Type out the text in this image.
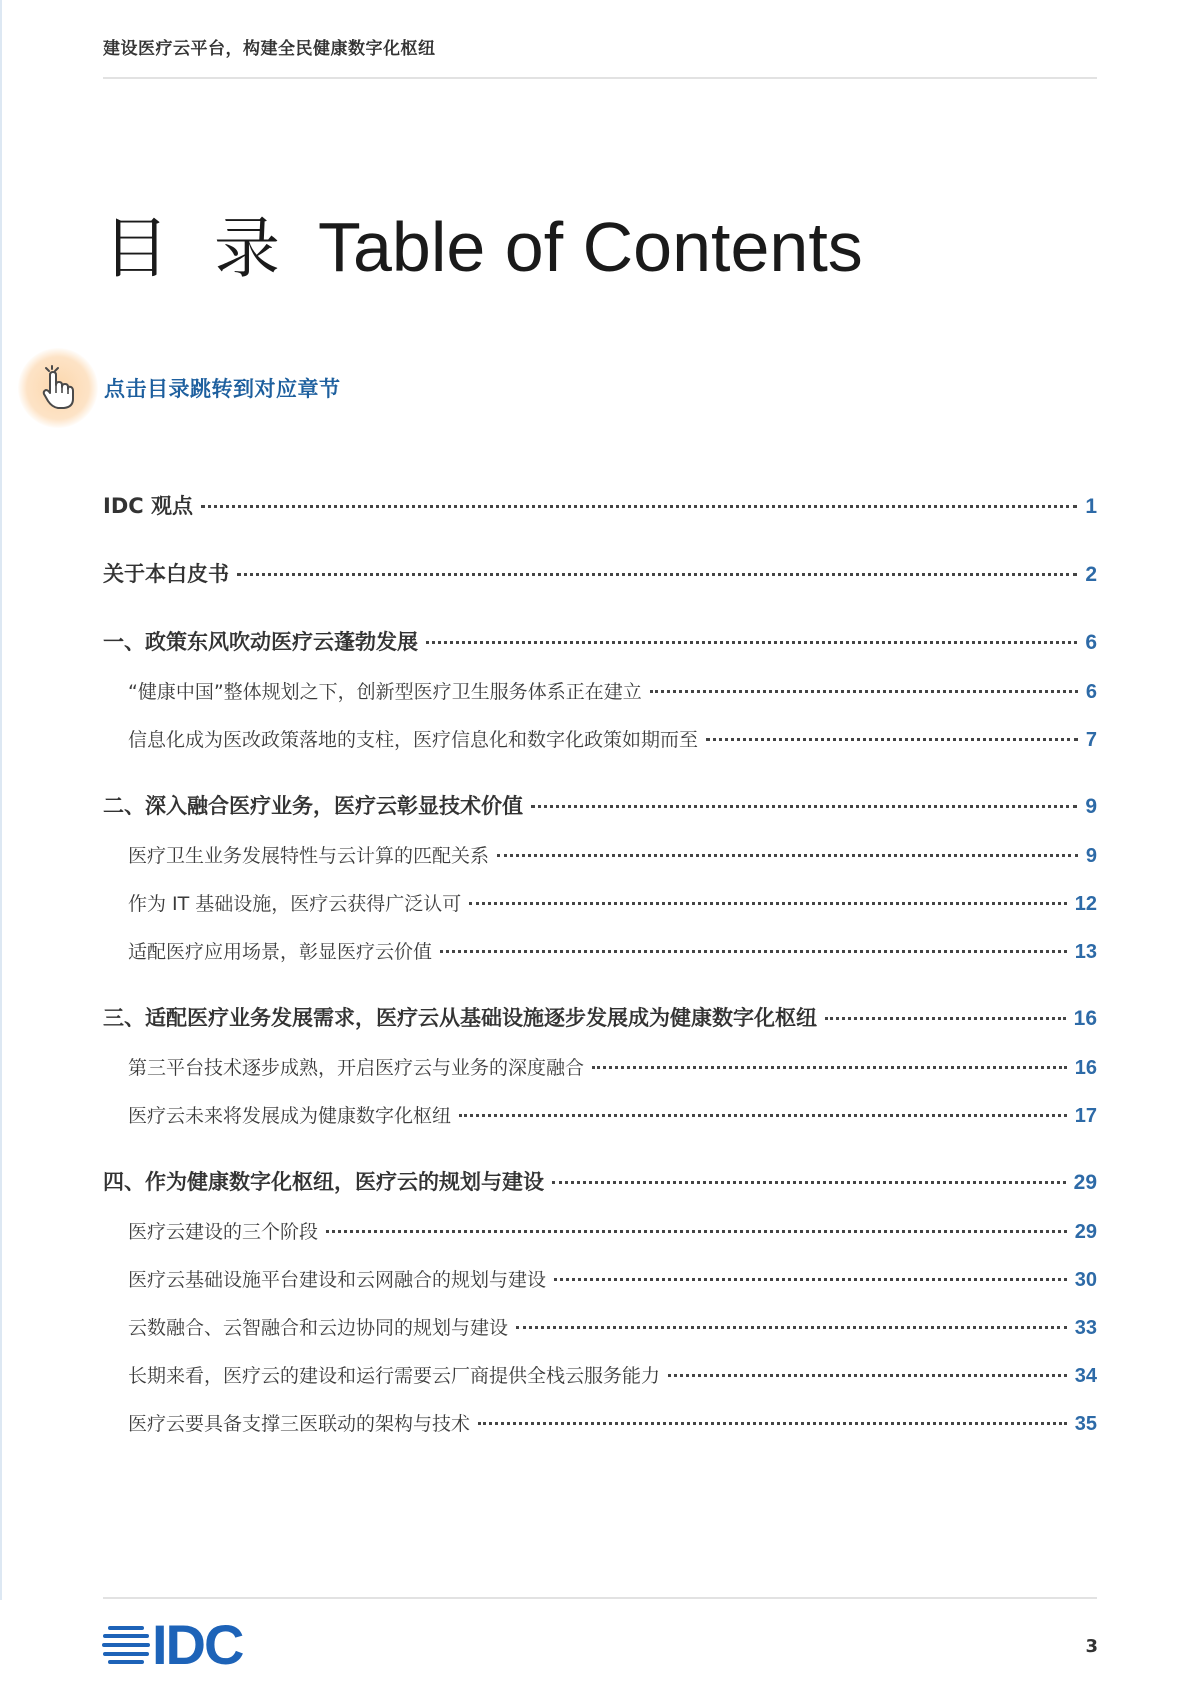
建设医疗云平台，构建全民健康数字化枢纽
目 录 Table of Contents
点击目录跳转到对应章节
IDC 观点	1
关于本白皮书	2
一、政策东风吹动医疗云蓬勃发展	6
“健康中国”整体规划之下，创新型医疗卫生服务体系正在建立	6
信息化成为医改政策落地的支柱，医疗信息化和数字化政策如期而至	7
二、深入融合医疗业务，医疗云彰显技术价值	9
医疗卫生业务发展特性与云计算的匹配关系	9
作为 IT 基础设施，医疗云获得广泛认可	12
适配医疗应用场景，彰显医疗云价值	13
三、适配医疗业务发展需求，医疗云从基础设施逐步发展成为健康数字化枢纽	16
第三平台技术逐步成熟，开启医疗云与业务的深度融合	16
医疗云未来将发展成为健康数字化枢纽	17
四、作为健康数字化枢纽，医疗云的规划与建设	29
医疗云建设的三个阶段	29
医疗云基础设施平台建设和云网融合的规划与建设	30
云数融合、云智融合和云边协同的规划与建设	33
长期来看，医疗云的建设和运行需要云厂商提供全栈云服务能力	34
医疗云要具备支撑三医联动的架构与技术	35
IDC	3
